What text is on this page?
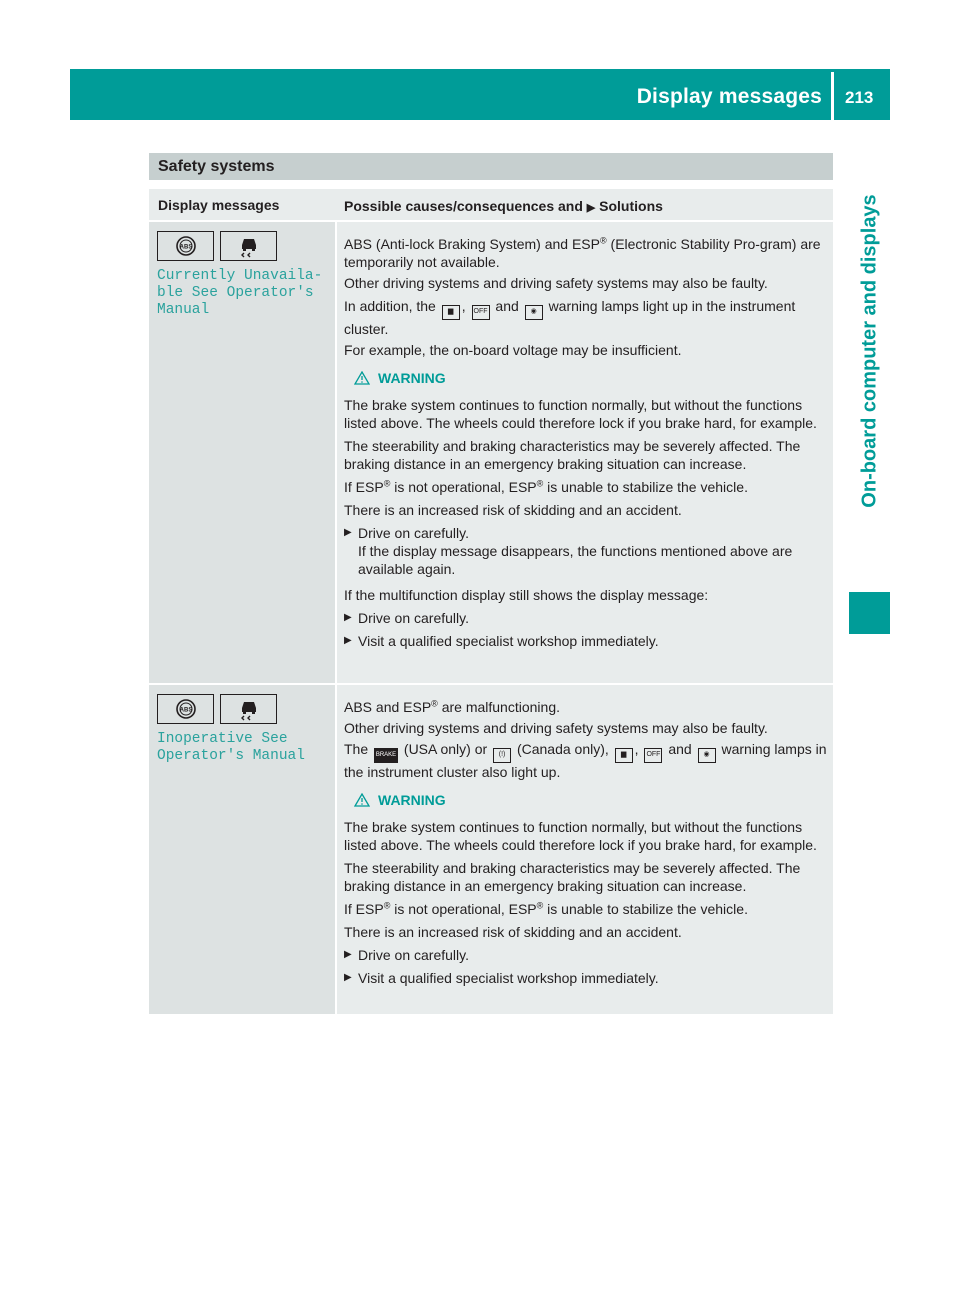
Display messages 213
On-board computer and displays
Safety systems
Display messages	Possible causes/consequences and ▶ Solutions
ABS
Currently Unavaila‐
ble See Operator's
Manual

ABS (Anti-lock Braking System) and ESP® (Electronic Stability Pro-gram) are temporarily not available.

Other driving systems and driving safety systems may also be faulty.

In addition, the ▆ , OFF and ◉ warning lamps light up in the instrument cluster.

For example, the on-board voltage may be insufficient.

WARNING

The brake system continues to function normally, but without the functions listed above. The wheels could therefore lock if you brake hard, for example.

The steerability and braking characteristics may be severely affected. The braking distance in an emergency braking situation can increase.

If ESP® is not operational, ESP® is unable to stabilize the vehicle.

There is an increased risk of skidding and an accident.

▶ Drive on carefully.
If the display message disappears, the functions mentioned above are available again.

If the multifunction display still shows the display message:

▶ Drive on carefully.
▶ Visit a qualified specialist workshop immediately.
ABS
Inoperative See
Operator's Manual

ABS and ESP® are malfunctioning.

Other driving systems and driving safety systems may also be faulty.

The BRAKE (USA only) or (!) (Canada only), ▆ , OFF and ◉ warning lamps in the instrument cluster also light up.

WARNING

The brake system continues to function normally, but without the functions listed above. The wheels could therefore lock if you brake hard, for example.

The steerability and braking characteristics may be severely affected. The braking distance in an emergency braking situation can increase.

If ESP® is not operational, ESP® is unable to stabilize the vehicle.

There is an increased risk of skidding and an accident.

▶ Drive on carefully.
▶ Visit a qualified specialist workshop immediately.
